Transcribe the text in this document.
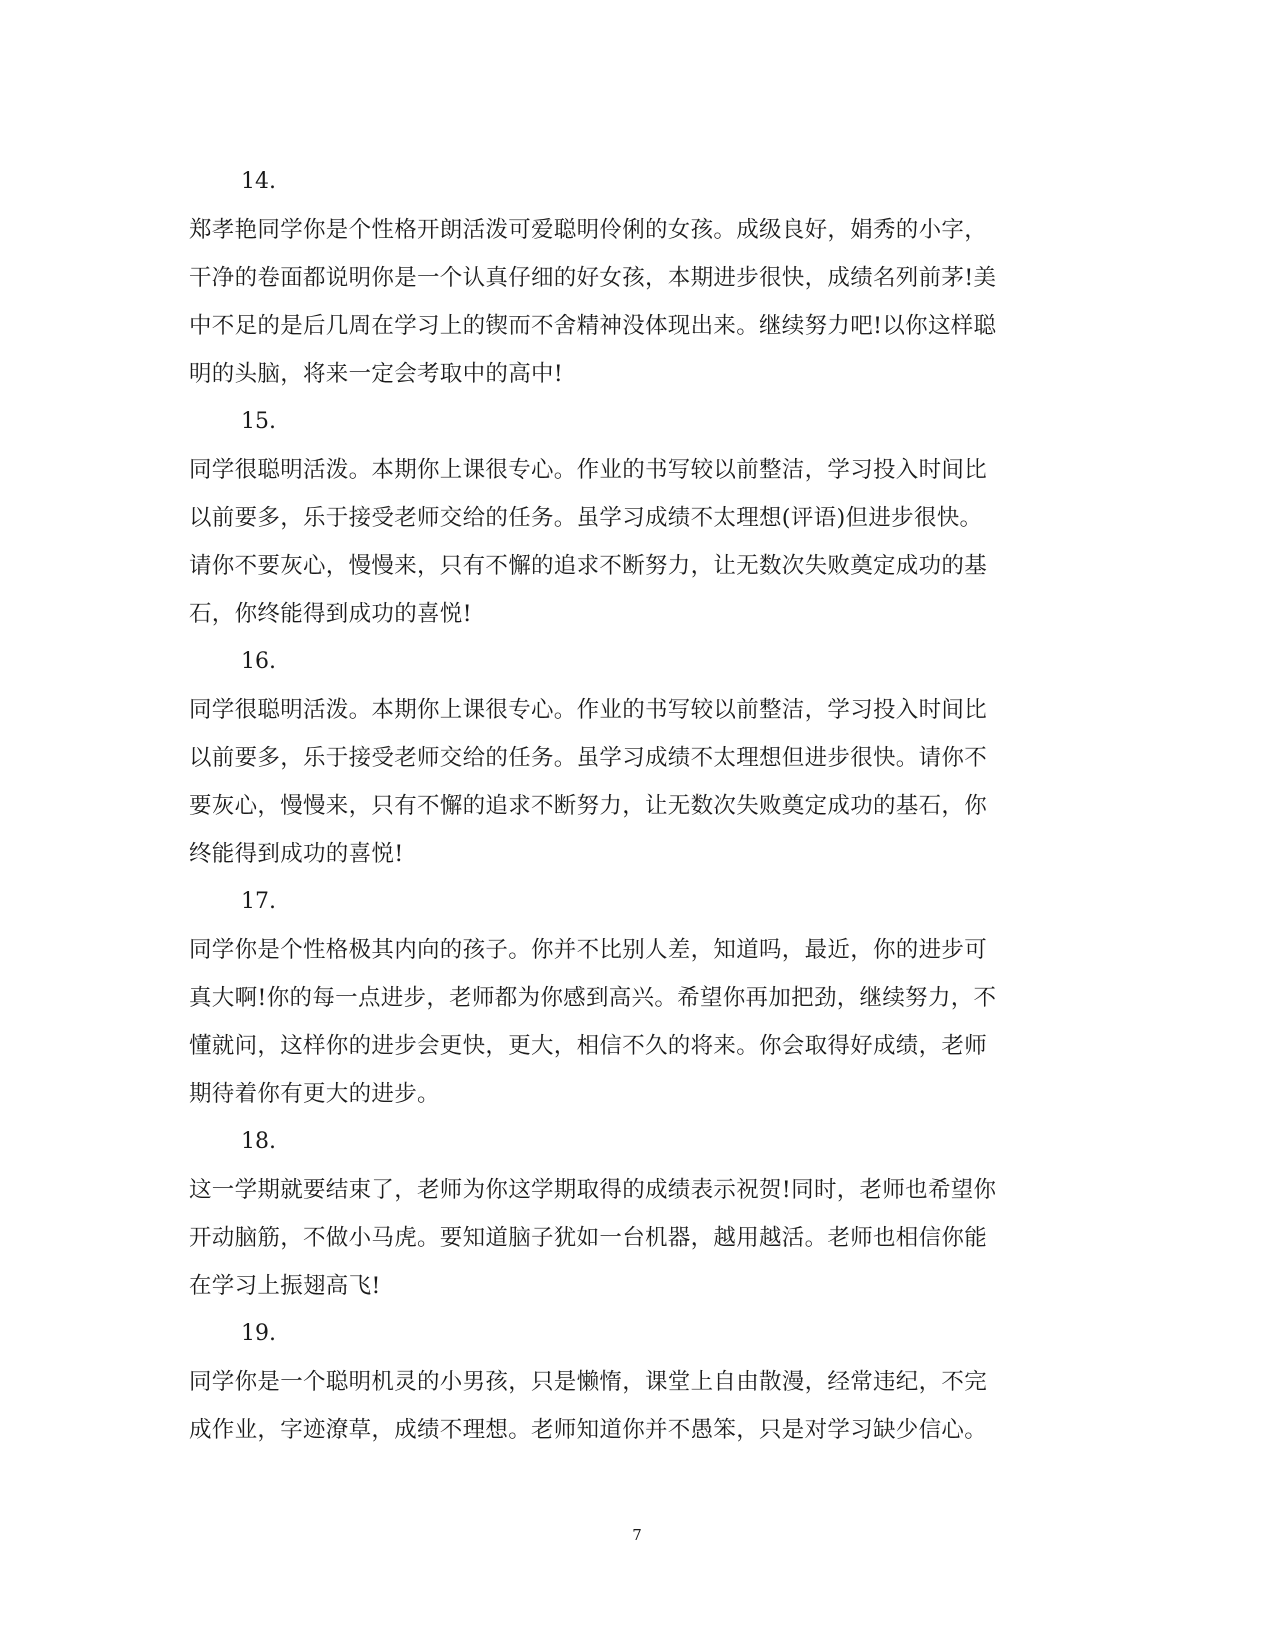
14.
郑孝艳同学你是个性格开朗活泼可爱聪明伶俐的女孩。成级良好，娟秀的小字，
干净的卷面都说明你是一个认真仔细的好女孩，本期进步很快，成绩名列前茅!美
中不足的是后几周在学习上的锲而不舍精神没体现出来。继续努力吧!以你这样聪
明的头脑，将来一定会考取中的高中!
15.
同学很聪明活泼。本期你上课很专心。作业的书写较以前整洁，学习投入时间比
以前要多，乐于接受老师交给的任务。虽学习成绩不太理想(评语)但进步很快。
请你不要灰心，慢慢来，只有不懈的追求不断努力，让无数次失败奠定成功的基
石，你终能得到成功的喜悦!
16.
同学很聪明活泼。本期你上课很专心。作业的书写较以前整洁，学习投入时间比
以前要多，乐于接受老师交给的任务。虽学习成绩不太理想但进步很快。请你不
要灰心，慢慢来，只有不懈的追求不断努力，让无数次失败奠定成功的基石，你
终能得到成功的喜悦!
17.
同学你是个性格极其内向的孩子。你并不比别人差，知道吗，最近，你的进步可
真大啊!你的每一点进步，老师都为你感到高兴。希望你再加把劲，继续努力，不
懂就问，这样你的进步会更快，更大，相信不久的将来。你会取得好成绩，老师
期待着你有更大的进步。
18.
这一学期就要结束了，老师为你这学期取得的成绩表示祝贺!同时，老师也希望你
开动脑筋，不做小马虎。要知道脑子犹如一台机器，越用越活。老师也相信你能
在学习上振翅高飞!
19.
同学你是一个聪明机灵的小男孩，只是懒惰，课堂上自由散漫，经常违纪，不完
成作业，字迹潦草，成绩不理想。老师知道你并不愚笨，只是对学习缺少信心。
7
